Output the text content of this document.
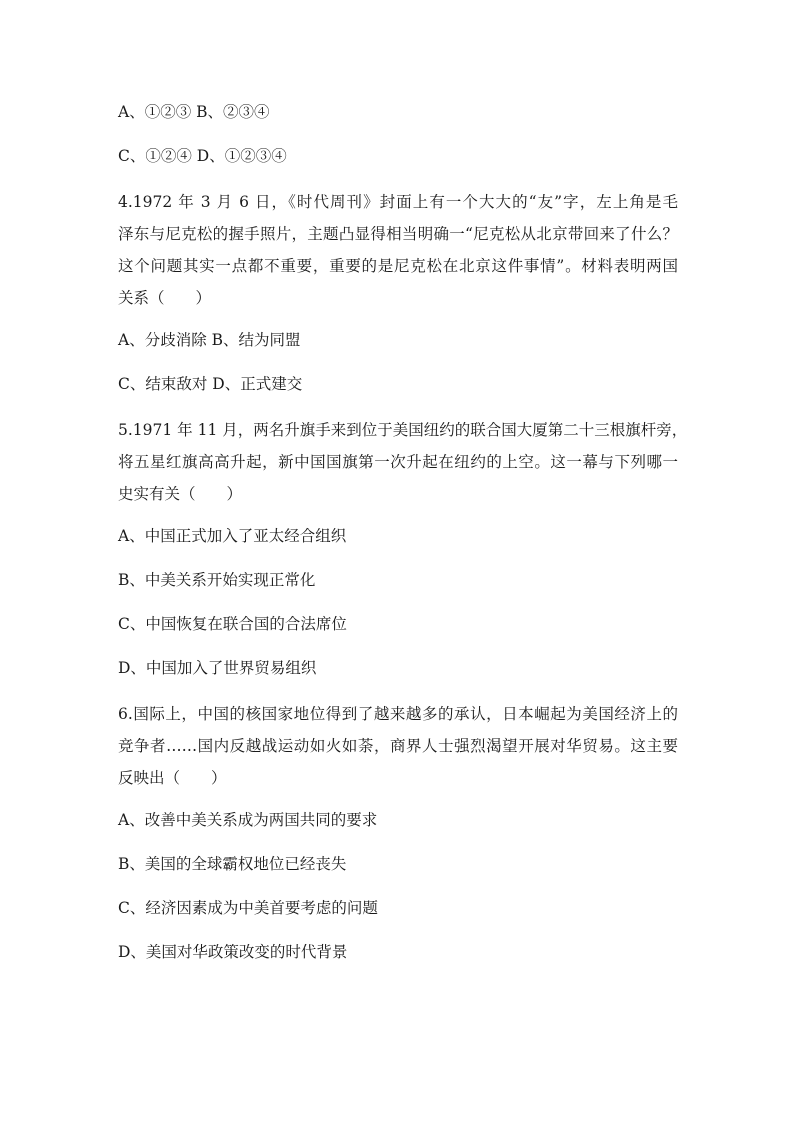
A、①②③ B、②③④
C、①②④ D、①②③④
4.1972 年 3 月 6 日，《时代周刊》封面上有一个大大的“友”字，左上角是毛
泽东与尼克松的握手照片，主题凸显得相当明确一“尼克松从北京带回来了什么？
这个问题其实一点都不重要，重要的是尼克松在北京这件事情”。材料表明两国
关系（　　）
A、分歧消除 B、结为同盟
C、结束敌对 D、正式建交
5.1971 年 11 月，两名升旗手来到位于美国纽约的联合国大厦第二十三根旗杆旁，
将五星红旗高高升起，新中国国旗第一次升起在纽约的上空。这一幕与下列哪一
史实有关（　　）
A、中国正式加入了亚太经合组织
B、中美关系开始实现正常化
C、中国恢复在联合国的合法席位
D、中国加入了世界贸易组织
6.国际上，中国的核国家地位得到了越来越多的承认，日本崛起为美国经济上的
竞争者……国内反越战运动如火如荼，商界人士强烈渴望开展对华贸易。这主要
反映出（　　）
A、改善中美关系成为两国共同的要求
B、美国的全球霸权地位已经丧失
C、经济因素成为中美首要考虑的问题
D、美国对华政策改变的时代背景
